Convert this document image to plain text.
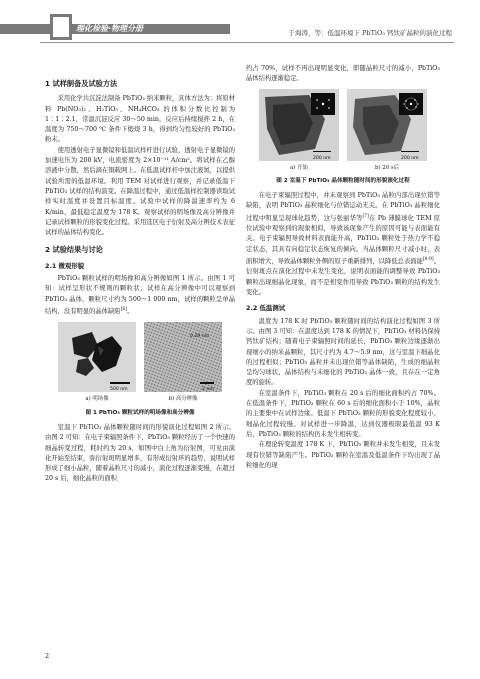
理化检验·物理分册	于海涛，等：低温环境下 PbTiO₃ 钙钛矿晶粒的演化过程
1 试样制备及试验方法

采用化学共沉淀法制备 PbTiO₃ 纳米颗粒，具体方法为：将原材料 Pb(NO₃)₂、H₂TiO₃、NH₄HCO₃ 的体积分数比控制为 1∶1∶2.1，常温沉淀反应 30～50 min，反应后持续搅拌 2 h，在温度为 750～700 ℃ 条件下煅烧 3 h，得到均匀性较好的 PbTiO₃ 粉末。

使用透射电子显微镜和低温试样杆进行试验，透射电子显微镜的加速电压为 200 kV，电流密度为 2×10⁻¹¹ A/cm²。将试样在乙醇溶液中分散，然后滴在铜载网上。在低温试样杆中加注液氮，以提供试验所需的低温环境。利用 TEM 对试样进行观察，并记录低温下 PbTiO₃ 试样的结构演变。在降温过程中，通过低温样控制器读取试样实时温度并设置目标温度。试验中试样的降温速率约为 6 K/min，最低稳定温度为 178 K。观察试样的明场像及高分辨像并记录试样颗粒的形貌变化过程。采用选区电子衍射及高分辨技术表征试样的晶体结构变化。

2 试验结果与讨论
2.1 微观形貌

PbTiO₃ 颗粒试样的明场像和高分辨像如图 1 所示。由图 1 可知：试样呈形状不规则的颗粒状；试样在高分辨像中可以观察到 PbTiO₃ 晶体，颗粒尺寸约为 500～1 000 nm，试样的颗粒呈单晶结构，没有明显的晶体缺陷[6]。

500 nm
a) 明场像
0.29 nm
2 nm
b) 高分辨像
图 1 PbTiO₃ 颗粒试样的明场像和高分辨像

室温下 PbTiO₃ 晶体颗粒随时间的形貌演化过程如图 2 所示。由图 2 可知：在电子束辐照条件下，PbTiO₃ 颗粒经历了一个快速的细晶转变过程，耗时约为 20 s，如图中白上角为衍射图，可见由演化开始至结束，弥衍射斑明显增多，有形成衍射环的趋势，说明试样形成了细小晶粒，随着晶粒尺寸的减小，演化过程逐渐变慢，在超过 20 s 后，细化晶粒的面积

约占 70%，试样不再出现明显变化，即随晶粒尺寸的减小，PbTiO₃ 晶体结构逐渐稳定。

200 nm
a) 开始
200 nm
b) 20 s后
图 2 室温下 PbTiO₃ 晶体颗粒随时间的形貌演化过程

在电子束辐照过程中，并未观察到 PbTiO₃ 晶粒内部出现位错等缺陷，表明 PbTiO₃ 晶粒细化与位错运动无关。在 PbTiO₃ 晶粒细化过程中明显呈现球化趋势，这与张丽华等[7]在 Pb 薄膜球化 TEM 原位试验中观察到的现象相似，导致该现象产生的原因可能与表面能有关。电子束辐照导致材料表面能升高，PbTiO₃ 颗粒处于热力学不稳定状态，其具有向稳定状态恢复的倾向。当晶体颗粒尺寸减小时，表面积增大，导致晶体颗粒外侧的原子重新排列，以降低总表面能[8-9]。衍射斑点在演化过程中未发生变化，说明表面能的调整导致 PbTiO₃ 颗粒出现细晶化现象，而不是相变作用导致 PbTiO₃ 颗粒的结构发生变化。

2.2 低温测试

温度为 178 K 时 PbTiO₃ 颗粒随时间的结构演化过程如图 3 所示。由图 3 可知：在温度达到 178 K 的情况下，PbTiO₃ 材料仍保持钙钛矿结构；随着电子束辐照时间的延长，PbTiO₃ 颗粒边缘逐渐出现细小的纳米晶颗粒，其尺寸约为 4.7～5.9 nm，这与室温下细晶化的过程相似；PbTiO₃ 晶粒并未出现位错等晶体缺陷，生成的细晶粒呈均匀球状，晶体结构与未细化的 PbTiO₃ 晶体一致，且存在一定角度的旋转。

在室温条件下，PbTiO₃ 颗粒在 20 s 后的细化面积约占 70%。在低温条件下，PbTiO₃ 颗粒在 60 s 后的细化面积小于 10%，晶粒的主要集中在试样边缘。低温下 PbTiO₃ 颗粒的形貌变化程度较小，细晶化过程较慢。对试样进一步降温，达到仪器极限最低温 93 K 后，PbTiO₃ 颗粒的结构仍未发生相转变。

在理论转变温度 178 K 下，PbTiO₃ 颗粒并未发生相变，且未发现有位错等缺陷产生。PbTiO₃ 颗粒在室温及低温条件下均出现了晶粒细化的现

2
